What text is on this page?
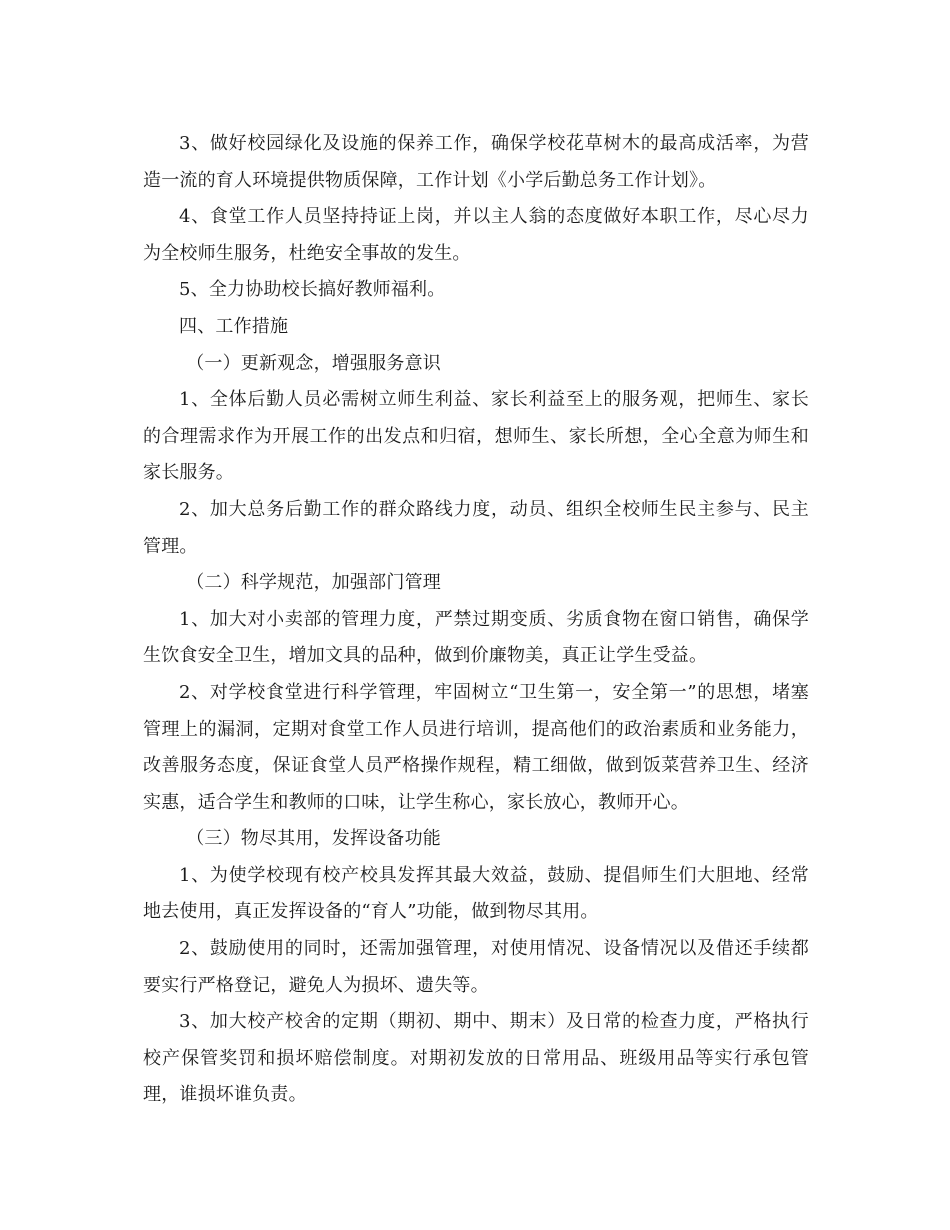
3、做好校园绿化及设施的保养工作，确保学校花草树木的最高成活率，为营造一流的育人环境提供物质保障，工作计划《小学后勤总务工作计划》。

4、食堂工作人员坚持持证上岗，并以主人翁的态度做好本职工作，尽心尽力为全校师生服务，杜绝安全事故的发生。

5、全力协助校长搞好教师福利。

四、工作措施

（一）更新观念，增强服务意识

1、全体后勤人员必需树立师生利益、家长利益至上的服务观，把师生、家长的合理需求作为开展工作的出发点和归宿，想师生、家长所想，全心全意为师生和家长服务。

2、加大总务后勤工作的群众路线力度，动员、组织全校师生民主参与、民主管理。

（二）科学规范，加强部门管理

1、加大对小卖部的管理力度，严禁过期变质、劣质食物在窗口销售，确保学生饮食安全卫生，增加文具的品种，做到价廉物美，真正让学生受益。

2、对学校食堂进行科学管理，牢固树立“卫生第一，安全第一”的思想，堵塞管理上的漏洞，定期对食堂工作人员进行培训，提高他们的政治素质和业务能力，改善服务态度，保证食堂人员严格操作规程，精工细做，做到饭菜营养卫生、经济实惠，适合学生和教师的口味，让学生称心，家长放心，教师开心。

（三）物尽其用，发挥设备功能

1、为使学校现有校产校具发挥其最大效益，鼓励、提倡师生们大胆地、经常地去使用，真正发挥设备的“育人”功能，做到物尽其用。

2、鼓励使用的同时，还需加强管理，对使用情况、设备情况以及借还手续都要实行严格登记，避免人为损坏、遗失等。

3、加大校产校舍的定期（期初、期中、期末）及日常的检查力度，严格执行校产保管奖罚和损坏赔偿制度。对期初发放的日常用品、班级用品等实行承包管理，谁损坏谁负责。
